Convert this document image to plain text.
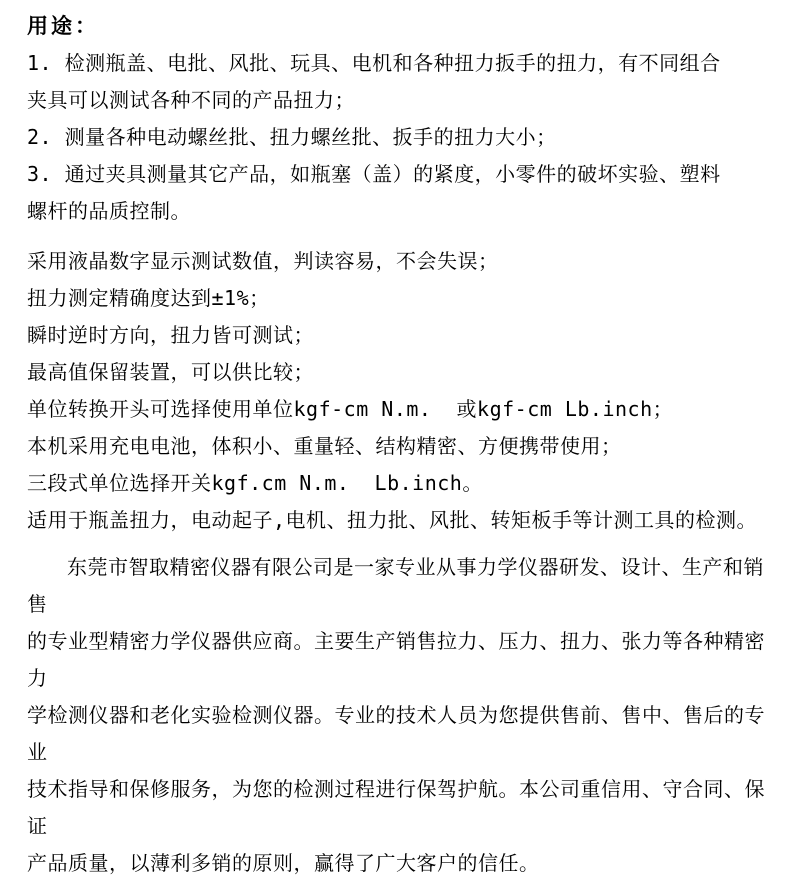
用途：
1. 检测瓶盖、电批、风批、玩具、电机和各种扭力扳手的扭力，有不同组合
夹具可以测试各种不同的产品扭力；
2. 测量各种电动螺丝批、扭力螺丝批、扳手的扭力大小；
3. 通过夹具测量其它产品，如瓶塞（盖）的紧度，小零件的破坏实验、塑料
螺杆的品质控制。
采用液晶数字显示测试数值，判读容易，不会失误；
扭力测定精确度达到±1%；
瞬时逆时方向，扭力皆可测试；
最高值保留装置，可以供比较；
单位转换开头可选择使用单位kgf-cm N.m.  或kgf-cm Lb.inch；
本机采用充电电池，体积小、重量轻、结构精密、方便携带使用；
三段式单位选择开关kgf.cm N.m.  Lb.inch。
适用于瓶盖扭力，电动起子,电机、扭力批、风批、转矩板手等计测工具的检测。
东莞市智取精密仪器有限公司是一家专业从事力学仪器研发、设计、生产和销售
的专业型精密力学仪器供应商。主要生产销售拉力、压力、扭力、张力等各种精密力
学检测仪器和老化实验检测仪器。专业的技术人员为您提供售前、售中、售后的专业
技术指导和保修服务，为您的检测过程进行保驾护航。本公司重信用、守合同、保证
产品质量，以薄利多销的原则，赢得了广大客户的信任。
